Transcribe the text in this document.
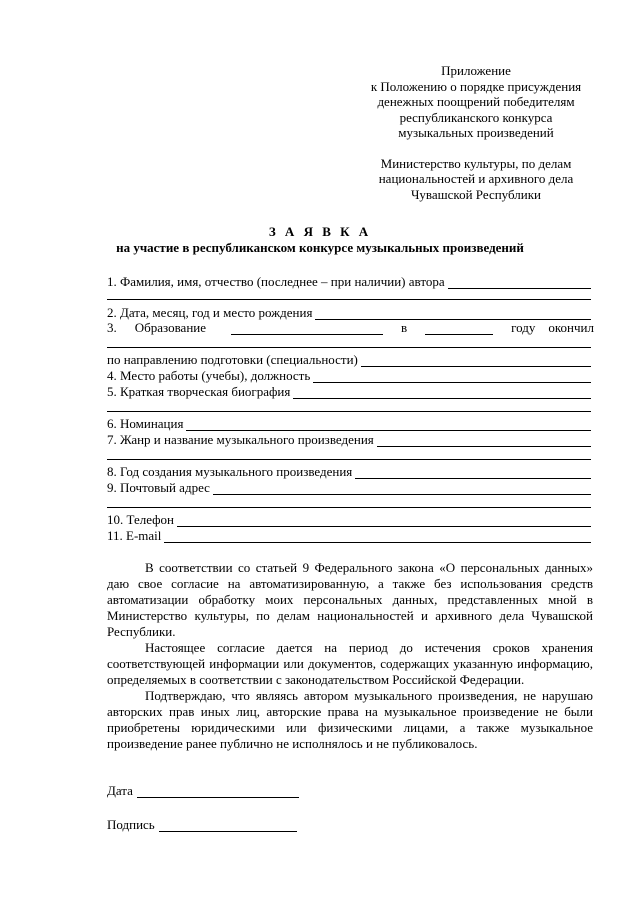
Приложение
к Положению о порядке присуждения
денежных поощрений победителям
республиканского конкурса
музыкальных произведений
Министерство культуры, по делам
национальностей и архивного дела
Чувашской Республики
З А Я В К А
на участие в республиканском конкурсе музыкальных произведений
1. Фамилия, имя, отчество (последнее – при наличии) автора
2. Дата, месяц, год и место рождения
3. Образование	в	году окончил
по направлению подготовки (специальности)
4. Место работы (учебы), должность
5. Краткая творческая биография
6. Номинация
7. Жанр и название музыкального произведения
8. Год создания музыкального произведения
9. Почтовый адрес
10. Телефон
11. E-mail
В соответствии со статьей 9 Федерального закона «О персональных данных» даю свое согласие на автоматизированную, а также без использования средств автоматизации обработку моих персональных данных, представленных мной в Министерство культуры, по делам национальностей и архивного дела Чувашской Республики.
Настоящее согласие дается на период до истечения сроков хранения соответствующей информации или документов, содержащих указанную информацию, определяемых в соответствии с законодательством Российской Федерации.
Подтверждаю, что являясь автором музыкального произведения, не нарушаю авторских прав иных лиц, авторские права на музыкальное произведение не были приобретены юридическими или физическими лицами, а также музыкальное произведение ранее публично не исполнялось и не публиковалось.
Дата
Подпись
